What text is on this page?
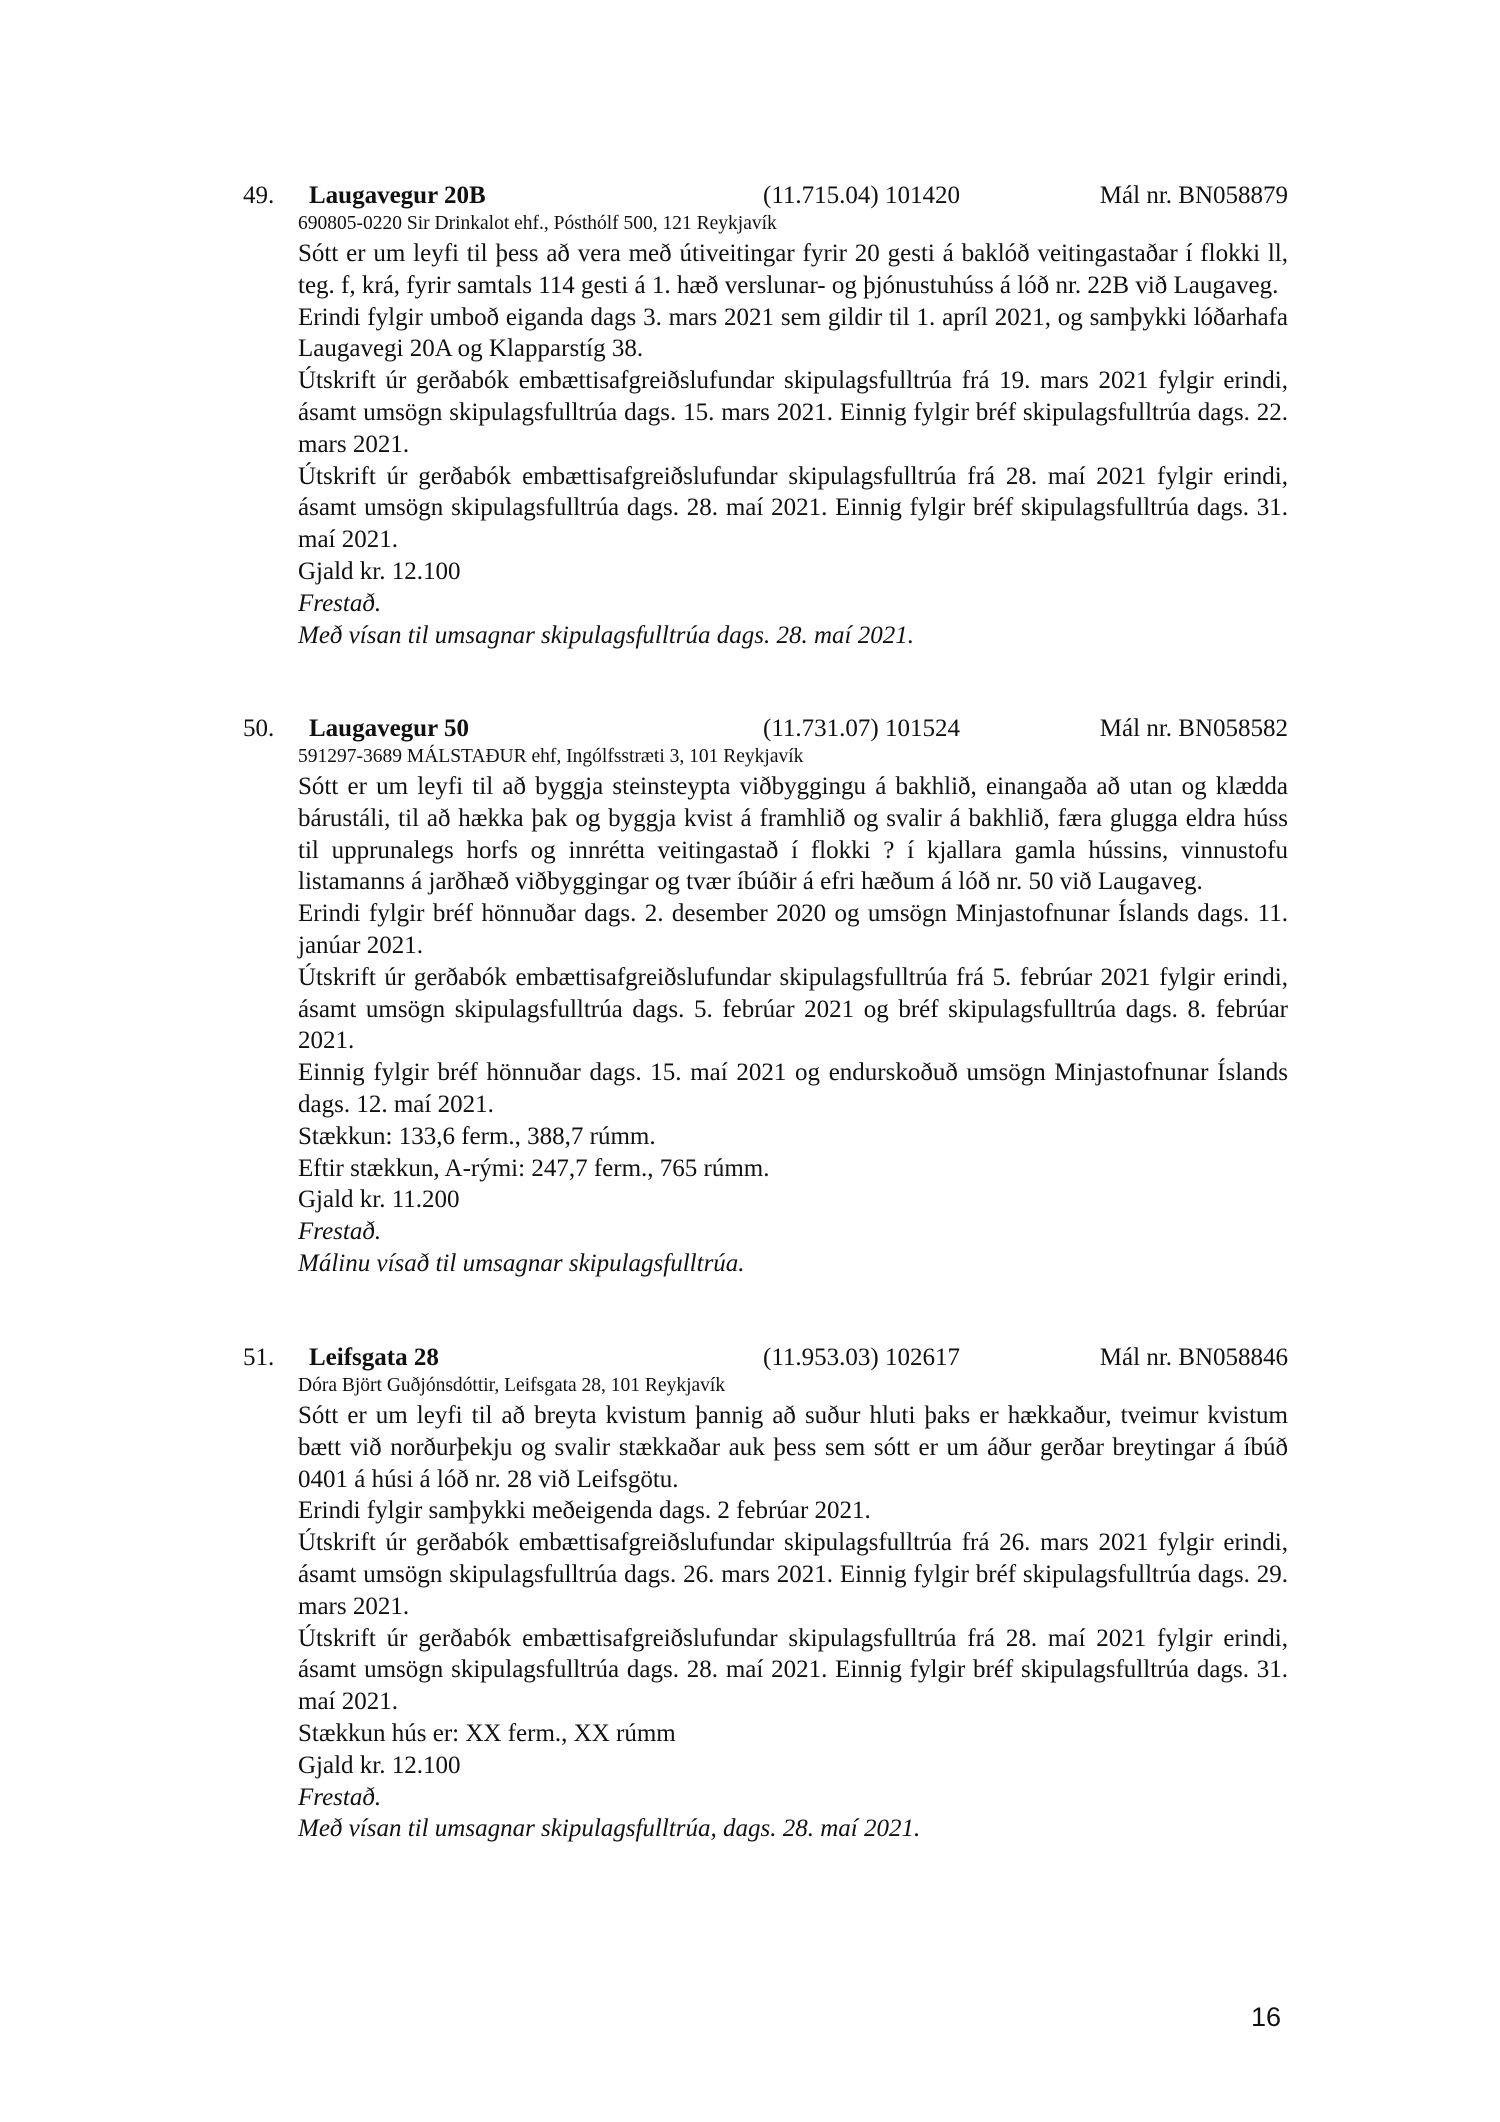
49. Laugavegur 20B	(11.715.04) 101420	Mál nr. BN058879
690805-0220 Sir Drinkalot ehf., Pósthólf 500, 121 Reykjavík
Sótt er um leyfi til þess að vera með útiveitingar fyrir 20 gesti á baklóð veitingastaðar í flokki ll, teg. f, krá, fyrir samtals 114 gesti á 1. hæð verslunar- og þjónustuhúss á lóð nr. 22B við Laugaveg.
Erindi fylgir umboð eiganda dags 3. mars 2021 sem gildir til 1. apríl 2021, og samþykki lóðarhafa Laugavegi 20A og Klapparstíg 38.
Útskrift úr gerðabók embættisafgreiðslufundar skipulagsfulltrúa frá 19. mars 2021 fylgir erindi, ásamt umsögn skipulagsfulltrúa dags. 15. mars 2021. Einnig fylgir bréf skipulagsfulltrúa dags. 22. mars 2021.
Útskrift úr gerðabók embættisafgreiðslufundar skipulagsfulltrúa frá 28. maí 2021 fylgir erindi, ásamt umsögn skipulagsfulltrúa dags. 28. maí 2021. Einnig fylgir bréf skipulagsfulltrúa dags. 31. maí 2021.
Gjald kr. 12.100
Frestað.
Með vísan til umsagnar skipulagsfulltrúa dags. 28. maí 2021.
50. Laugavegur 50	(11.731.07) 101524	Mál nr. BN058582
591297-3689 MÁLSTAÐUR ehf, Ingólfsstræti 3, 101 Reykjavík
Sótt er um leyfi til að byggja steinsteypta viðbyggingu á bakhlið, einangaða að utan og klædda bárustáli, til að hækka þak og byggja kvist á framhlið og svalir á bakhlið, færa glugga eldra húss til upprunalegs horfs og innrétta veitingastað í flokki ? í kjallara gamla hússins, vinnustofu listamanns á jarðhæð viðbyggingar og tvær íbúðir á efri hæðum á lóð nr. 50 við Laugaveg.
Erindi fylgir bréf hönnuðar dags. 2. desember 2020 og umsögn Minjastofnunar Íslands dags. 11. janúar 2021.
Útskrift úr gerðabók embættisafgreiðslufundar skipulagsfulltrúa frá 5. febrúar 2021 fylgir erindi, ásamt umsögn skipulagsfulltrúa dags. 5. febrúar 2021 og bréf skipulagsfulltrúa dags. 8. febrúar 2021.
Einnig fylgir bréf hönnuðar dags. 15. maí 2021 og endurskoðuð umsögn Minjastofnunar Íslands dags. 12. maí 2021.
Stækkun: 133,6 ferm., 388,7 rúmm.
Eftir stækkun, A-rými: 247,7 ferm., 765 rúmm.
Gjald kr. 11.200
Frestað.
Málinu vísað til umsagnar skipulagsfulltrúa.
51. Leifsgata 28	(11.953.03) 102617	Mál nr. BN058846
Dóra Björt Guðjónsdóttir, Leifsgata 28, 101 Reykjavík
Sótt er um leyfi til að breyta kvistum þannig að suður hluti þaks er hækkaður, tveimur kvistum bætt við norðurþekju og svalir stækkaðar auk þess sem sótt er um áður gerðar breytingar á íbúð 0401 á húsi á lóð nr. 28 við Leifsgötu.
Erindi fylgir samþykki meðeigenda dags. 2 febrúar 2021.
Útskrift úr gerðabók embættisafgreiðslufundar skipulagsfulltrúa frá 26. mars 2021 fylgir erindi, ásamt umsögn skipulagsfulltrúa dags. 26. mars 2021. Einnig fylgir bréf skipulagsfulltrúa dags. 29. mars 2021.
Útskrift úr gerðabók embættisafgreiðslufundar skipulagsfulltrúa frá 28. maí 2021 fylgir erindi, ásamt umsögn skipulagsfulltrúa dags. 28. maí 2021. Einnig fylgir bréf skipulagsfulltrúa dags. 31. maí 2021.
Stækkun hús er: XX ferm., XX rúmm
Gjald kr. 12.100
Frestað.
Með vísan til umsagnar skipulagsfulltrúa, dags. 28. maí 2021.
16
